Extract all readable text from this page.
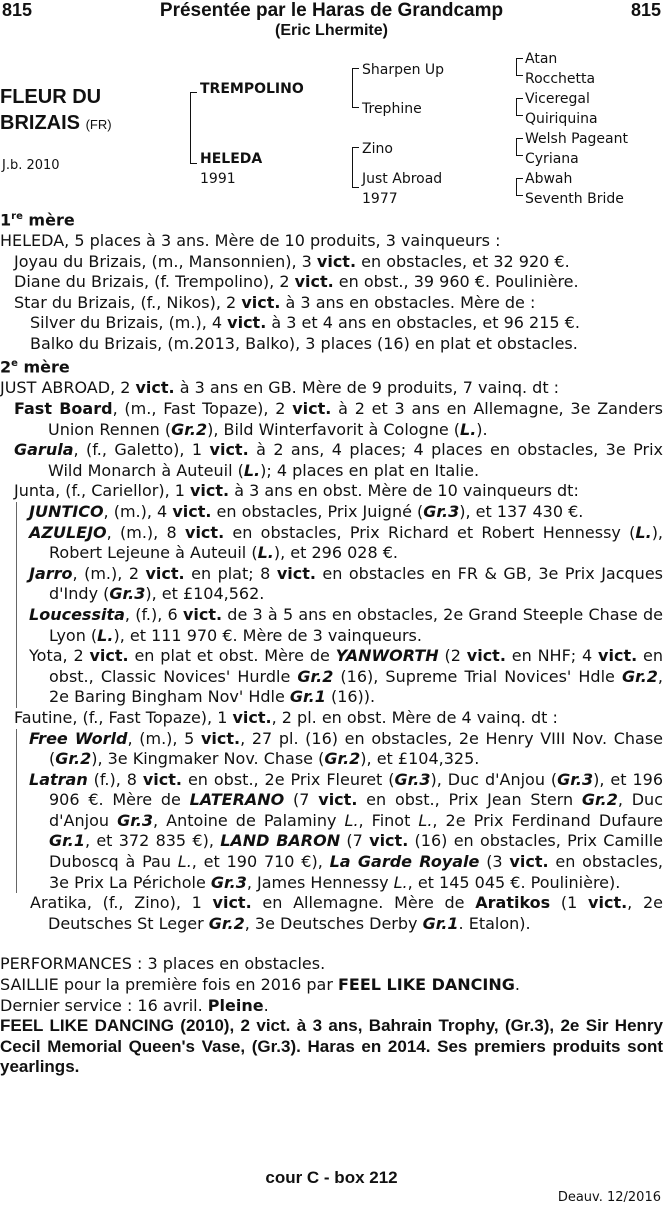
815	Présentée par le Haras de Grandcamp	815
(Eric Lhermite)
FLEUR DU
BRIZAIS (FR)
J.b. 2010
TREMPOLINO
HELEDA
1991
Sharpen Up
Trephine
Zino
Just Abroad
1977
Atan
Rocchetta
Viceregal
Quiriquina
Welsh Pageant
Cyriana
Abwah
Seventh Bride
1re mère

HELEDA, 5 places à 3 ans. Mère de 10 produits, 3 vainqueurs :

Joyau du Brizais, (m., Mansonnien), 3 vict. en obstacles, et 32 920 €.

Diane du Brizais, (f. Trempolino), 2 vict. en obst., 39 960 €. Poulinière.

Star du Brizais, (f., Nikos), 2 vict. à 3 ans en obstacles. Mère de :

Silver du Brizais, (m.), 4 vict. à 3 et 4 ans en obstacles, et 96 215 €.

Balko du Brizais, (m.2013, Balko), 3 places (16) en plat et obstacles.

2e mère

JUST ABROAD, 2 vict. à 3 ans en GB. Mère de 9 produits, 7 vainq. dt :

Fast Board, (m., Fast Topaze), 2 vict. à 2 et 3 ans en Allemagne, 3e Zanders Union Rennen (Gr.2), Bild Winterfavorit à Cologne (L.).

Garula, (f., Galetto), 1 vict. à 2 ans, 4 places; 4 places en obstacles, 3e Prix Wild Monarch à Auteuil (L.); 4 places en plat en Italie.

Junta, (f., Cariellor), 1 vict. à 3 ans en obst. Mère de 10 vainqueurs dt:

JUNTICO, (m.), 4 vict. en obstacles, Prix Juigné (Gr.3), et 137 430 €.

AZULEJO, (m.), 8 vict. en obstacles, Prix Richard et Robert Hennessy (L.), Robert Lejeune à Auteuil (L.), et 296 028 €.

Jarro, (m.), 2 vict. en plat; 8 vict. en obstacles en FR & GB, 3e Prix Jacques d'Indy (Gr.3), et £104,562.

Loucessita, (f.), 6 vict. de 3 à 5 ans en obstacles, 2e Grand Steeple Chase de Lyon (L.), et 111 970 €. Mère de 3 vainqueurs.

Yota, 2 vict. en plat et obst. Mère de YANWORTH (2 vict. en NHF; 4 vict. en obst., Classic Novices' Hurdle Gr.2 (16), Supreme Trial Novices' Hdle Gr.2, 2e Baring Bingham Nov' Hdle Gr.1 (16)).

Fautine, (f., Fast Topaze), 1 vict., 2 pl. en obst. Mère de 4 vainq. dt :

Free World, (m.), 5 vict., 27 pl. (16) en obstacles, 2e Henry VIII Nov. Chase (Gr.2), 3e Kingmaker Nov. Chase (Gr.2), et £104,325.

Latran (f.), 8 vict. en obst., 2e Prix Fleuret (Gr.3), Duc d'Anjou (Gr.3), et 196 906 €. Mère de LATERANO (7 vict. en obst., Prix Jean Stern Gr.2, Duc d'Anjou Gr.3, Antoine de Palaminy L., Finot L., 2e Prix Ferdinand Dufaure Gr.1, et 372 835 €), LAND BARON (7 vict. (16) en obstacles, Prix Camille Duboscq à Pau L., et 190 710 €), La Garde Royale (3 vict. en obstacles, 3e Prix La Périchole Gr.3, James Hennessy L., et 145 045 €. Poulinière).

Aratika, (f., Zino), 1 vict. en Allemagne. Mère de Aratikos (1 vict., 2e Deutsches St Leger Gr.2, 3e Deutsches Derby Gr.1. Etalon).

PERFORMANCES : 3 places en obstacles.

SAILLIE pour la première fois en 2016 par FEEL LIKE DANCING.

Dernier service : 16 avril. Pleine.

FEEL LIKE DANCING (2010), 2 vict. à 3 ans, Bahrain Trophy, (Gr.3), 2e Sir Henry Cecil Memorial Queen's Vase, (Gr.3). Haras en 2014. Ses premiers produits sont yearlings.

cour C - box 212
Deauv. 12/2016
